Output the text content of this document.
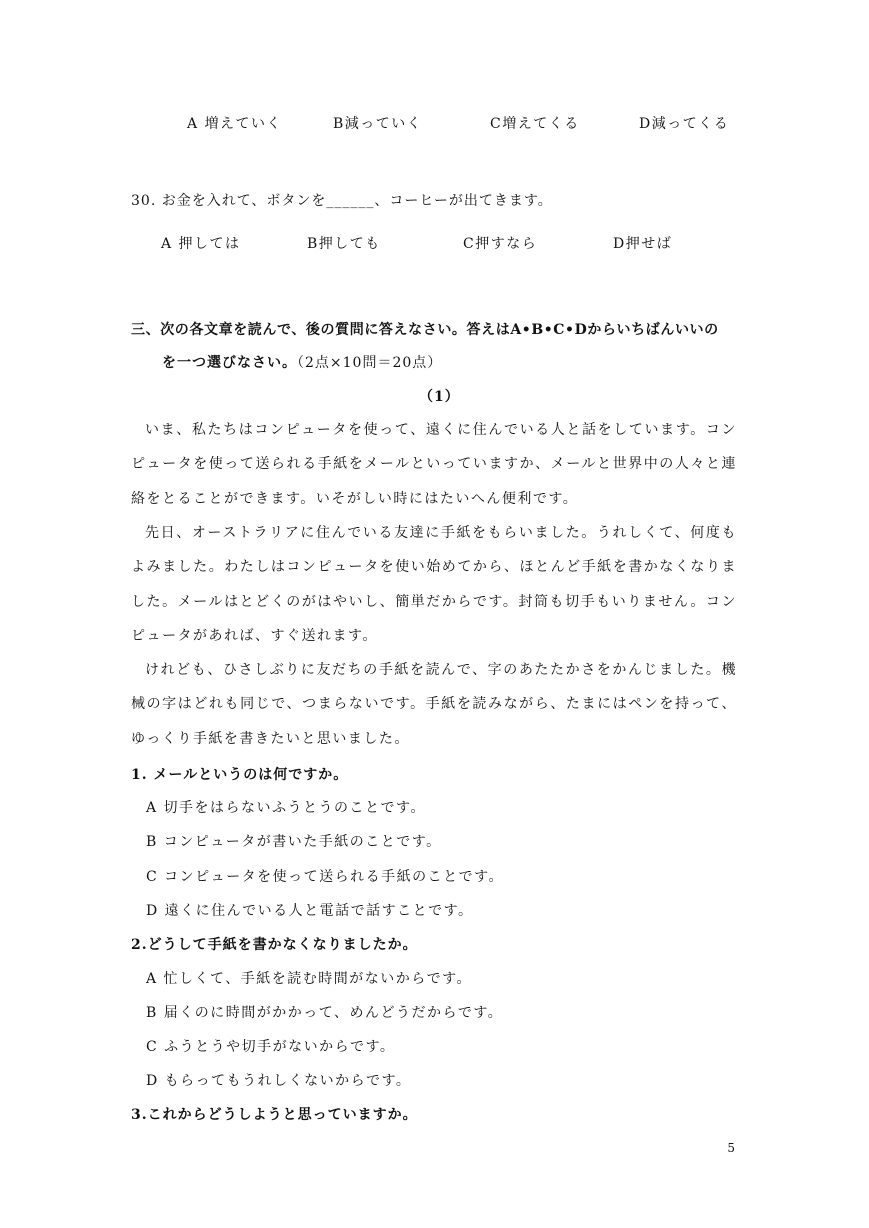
A 増えていく	B減っていく	C増えてくる	D減ってくる
30. お金を入れて、ボタンを______、コーヒーが出てきます。
A 押しては	B押しても	C押すなら	D押せば
三、次の各文章を読んで、後の質問に答えなさい。答えはA•B•C•Dからいちばんいいの
を一つ選びなさい。（2点×10問＝20点）
（1）
いま、私たちはコンピュータを使って、遠くに住んでいる人と話をしています。コンピュータを使って送られる手紙をメールといっていますか、メールと世界中の人々と連絡をとることができます。いそがしい時にはたいへん便利です。
先日、オーストラリアに住んでいる友達に手紙をもらいました。うれしくて、何度もよみました。わたしはコンピュータを使い始めてから、ほとんど手紙を書かなくなりました。メールはとどくのがはやいし、簡単だからです。封筒も切手もいりません。コンピュータがあれば、すぐ送れます。
けれども、ひさしぶりに友だちの手紙を読んで、字のあたたかさをかんじました。機械の字はどれも同じで、つまらないです。手紙を読みながら、たまにはペンを持って、ゆっくり手紙を書きたいと思いました。
1. メールというのは何ですか。
A 切手をはらないふうとうのことです。
B コンピュータが書いた手紙のことです。
C コンピュータを使って送られる手紙のことです。
D 遠くに住んでいる人と電話で話すことです。
2.どうして手紙を書かなくなりましたか。
A 忙しくて、手紙を読む時間がないからです。
B 届くのに時間がかかって、めんどうだからです。
C ふうとうや切手がないからです。
D もらってもうれしくないからです。
3.これからどうしようと思っていますか。
5
